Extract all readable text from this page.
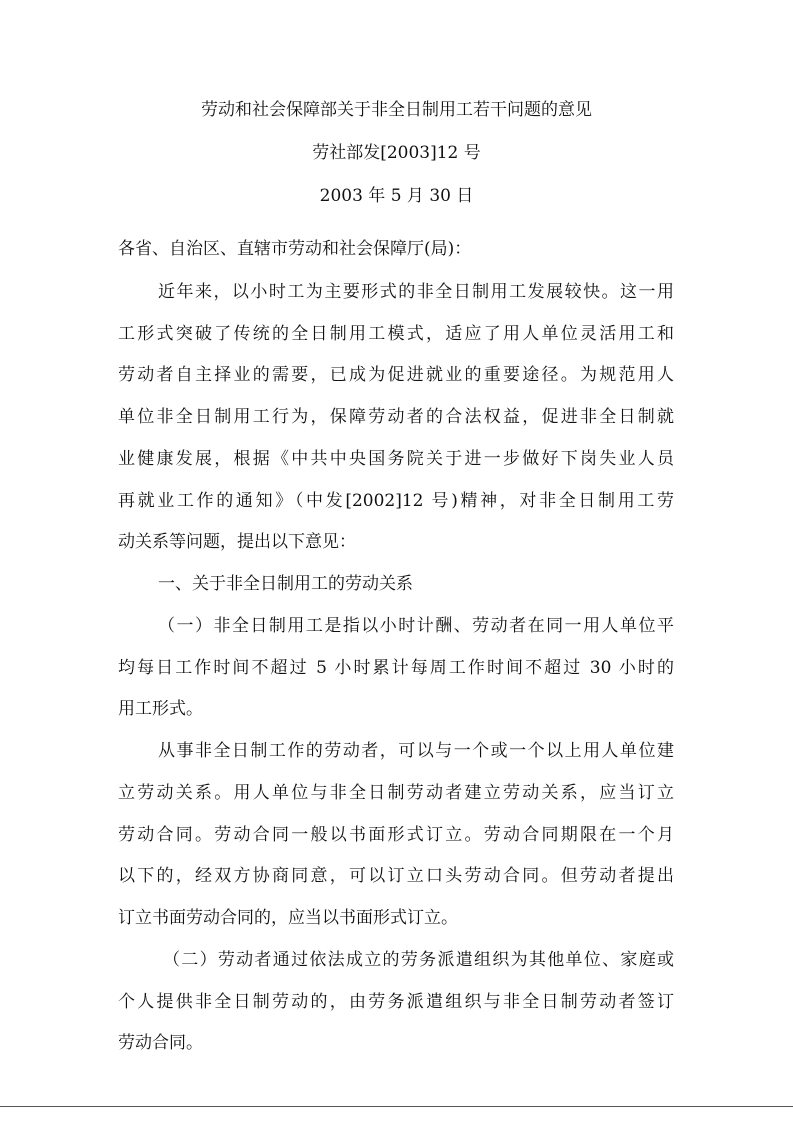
劳动和社会保障部关于非全日制用工若干问题的意见
劳社部发[2003]12 号
2003 年 5 月 30 日
各省、自治区、直辖市劳动和社会保障厅(局)：
近年来，以小时工为主要形式的非全日制用工发展较快。这一用
工形式突破了传统的全日制用工模式，适应了用人单位灵活用工和
劳动者自主择业的需要，已成为促进就业的重要途径。为规范用人
单位非全日制用工行为，保障劳动者的合法权益，促进非全日制就
业健康发展，根据《中共中央国务院关于进一步做好下岗失业人员
再就业工作的通知》（中发[2002]12 号)精神，对非全日制用工劳
动关系等问题，提出以下意见：
一、关于非全日制用工的劳动关系
（一）非全日制用工是指以小时计酬、劳动者在同一用人单位平
均每日工作时间不超过 5 小时累计每周工作时间不超过 30 小时的
用工形式。
从事非全日制工作的劳动者，可以与一个或一个以上用人单位建
立劳动关系。用人单位与非全日制劳动者建立劳动关系，应当订立
劳动合同。劳动合同一般以书面形式订立。劳动合同期限在一个月
以下的，经双方协商同意，可以订立口头劳动合同。但劳动者提出
订立书面劳动合同的，应当以书面形式订立。
（二）劳动者通过依法成立的劳务派遣组织为其他单位、家庭或
个人提供非全日制劳动的，由劳务派遣组织与非全日制劳动者签订
劳动合同。
